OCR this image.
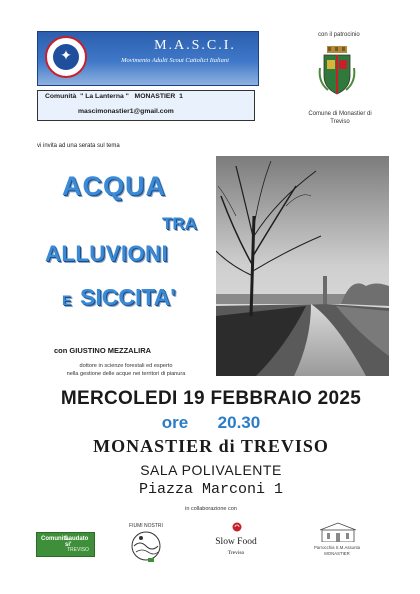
✦
M.A.S.C.I.
Movimento Adulti Scout Cattolici Italiani
Comunità  " La Lanterna "   MONASTIER  1
mascimonastier1@gmail.com
con il patrocinio
Comune di Monastier di Treviso
vi invita ad una serata sul tema
ACQUA
TRA
ALLUVIONI
E SICCITA'
con GIUSTINO MEZZALIRA
dottore in scienze forestali ed esperto
nella gestione delle acque nei territori di pianura
MERCOLEDI 19 FEBBRAIO 2025
ore  20.30
MONASTIER di TREVISO
SALA POLIVALENTE
Piazza Marconi 1
in collaborazione con
Comunità
Laudato si'
TREVISO
FIUMI NOSTRI
Slow Food
Treviso
Parrocchia S.M.Assunta MONASTIER
